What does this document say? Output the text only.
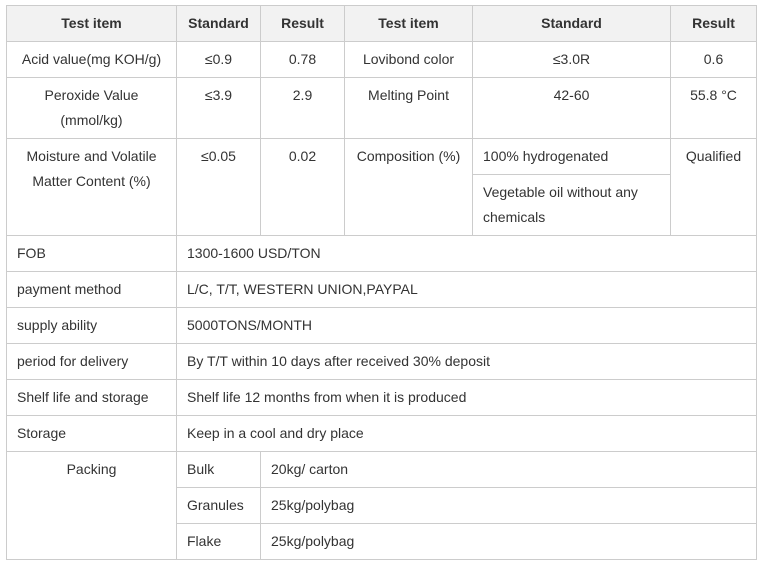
Test item	Standard	Result	Test item	Standard	Result
Acid value(mg KOH/g)	≤0.9	0.78	Lovibond color	≤3.0R	0.6
Peroxide Value (mmol/kg)	≤3.9	2.9	Melting Point	42-60	55.8 °C
Moisture and Volatile Matter Content (%)	≤0.05	0.02	Composition (%)	100% hydrogenated	Qualified
				Vegetable oil without any chemicals	
FOB	1300-1600 USD/TON				
payment method	L/C, T/T, WESTERN UNION,PAYPAL				
supply ability	5000TONS/MONTH				
period for delivery	By T/T within 10 days after received 30% deposit				
Shelf life and storage	Shelf life 12 months from when it is produced				
Storage	Keep in a cool and dry place				
Packing	Bulk	20kg/ carton			
	Granules	25kg/polybag			
	Flake	25kg/polybag			
